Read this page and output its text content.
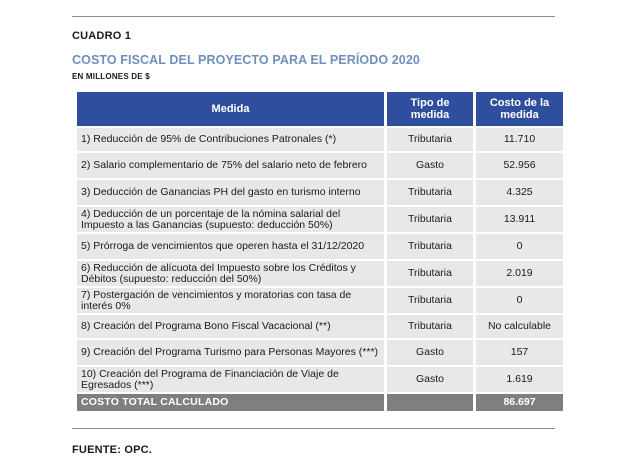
CUADRO 1
COSTO FISCAL DEL PROYECTO PARA EL PERÍODO 2020
EN MILLONES DE $
Medida	Tipo de medida	Costo de la medida
1) Reducción de 95% de Contribuciones Patronales (*)	Tributaria	11.710
2) Salario complementario de 75% del salario neto de febrero	Gasto	52.956
3) Deducción de Ganancias PH del gasto en turismo interno	Tributaria	4.325
4) Deducción de un porcentaje de la nómina salarial del Impuesto a las Ganancias (supuesto: deducción 50%)	Tributaria	13.911
5) Prórroga de vencimientos que operen hasta el 31/12/2020	Tributaria	0
6) Reducción de alícuota del Impuesto sobre los Créditos y Débitos (supuesto: reducción del 50%)	Tributaria	2.019
7) Postergación de vencimientos y moratorias con tasa de interés 0%	Tributaria	0
8) Creación del Programa Bono Fiscal Vacacional (**)	Tributaria	No calculable
9) Creación del Programa Turismo para Personas Mayores (***)	Gasto	157
10) Creación del Programa de Financiación de Viaje de Egresados (***)	Gasto	1.619
COSTO TOTAL CALCULADO		86.697
FUENTE: OPC.
